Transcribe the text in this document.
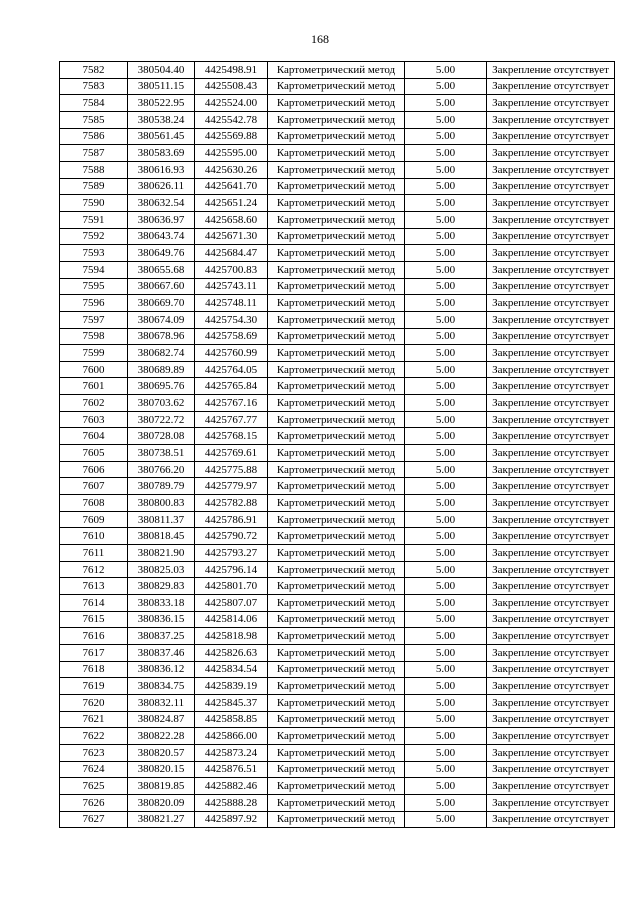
168
7582	380504.40	4425498.91	Картометрический метод	5.00	Закрепление отсутствует
7583	380511.15	4425508.43	Картометрический метод	5.00	Закрепление отсутствует
7584	380522.95	4425524.00	Картометрический метод	5.00	Закрепление отсутствует
7585	380538.24	4425542.78	Картометрический метод	5.00	Закрепление отсутствует
7586	380561.45	4425569.88	Картометрический метод	5.00	Закрепление отсутствует
7587	380583.69	4425595.00	Картометрический метод	5.00	Закрепление отсутствует
7588	380616.93	4425630.26	Картометрический метод	5.00	Закрепление отсутствует
7589	380626.11	4425641.70	Картометрический метод	5.00	Закрепление отсутствует
7590	380632.54	4425651.24	Картометрический метод	5.00	Закрепление отсутствует
7591	380636.97	4425658.60	Картометрический метод	5.00	Закрепление отсутствует
7592	380643.74	4425671.30	Картометрический метод	5.00	Закрепление отсутствует
7593	380649.76	4425684.47	Картометрический метод	5.00	Закрепление отсутствует
7594	380655.68	4425700.83	Картометрический метод	5.00	Закрепление отсутствует
7595	380667.60	4425743.11	Картометрический метод	5.00	Закрепление отсутствует
7596	380669.70	4425748.11	Картометрический метод	5.00	Закрепление отсутствует
7597	380674.09	4425754.30	Картометрический метод	5.00	Закрепление отсутствует
7598	380678.96	4425758.69	Картометрический метод	5.00	Закрепление отсутствует
7599	380682.74	4425760.99	Картометрический метод	5.00	Закрепление отсутствует
7600	380689.89	4425764.05	Картометрический метод	5.00	Закрепление отсутствует
7601	380695.76	4425765.84	Картометрический метод	5.00	Закрепление отсутствует
7602	380703.62	4425767.16	Картометрический метод	5.00	Закрепление отсутствует
7603	380722.72	4425767.77	Картометрический метод	5.00	Закрепление отсутствует
7604	380728.08	4425768.15	Картометрический метод	5.00	Закрепление отсутствует
7605	380738.51	4425769.61	Картометрический метод	5.00	Закрепление отсутствует
7606	380766.20	4425775.88	Картометрический метод	5.00	Закрепление отсутствует
7607	380789.79	4425779.97	Картометрический метод	5.00	Закрепление отсутствует
7608	380800.83	4425782.88	Картометрический метод	5.00	Закрепление отсутствует
7609	380811.37	4425786.91	Картометрический метод	5.00	Закрепление отсутствует
7610	380818.45	4425790.72	Картометрический метод	5.00	Закрепление отсутствует
7611	380821.90	4425793.27	Картометрический метод	5.00	Закрепление отсутствует
7612	380825.03	4425796.14	Картометрический метод	5.00	Закрепление отсутствует
7613	380829.83	4425801.70	Картометрический метод	5.00	Закрепление отсутствует
7614	380833.18	4425807.07	Картометрический метод	5.00	Закрепление отсутствует
7615	380836.15	4425814.06	Картометрический метод	5.00	Закрепление отсутствует
7616	380837.25	4425818.98	Картометрический метод	5.00	Закрепление отсутствует
7617	380837.46	4425826.63	Картометрический метод	5.00	Закрепление отсутствует
7618	380836.12	4425834.54	Картометрический метод	5.00	Закрепление отсутствует
7619	380834.75	4425839.19	Картометрический метод	5.00	Закрепление отсутствует
7620	380832.11	4425845.37	Картометрический метод	5.00	Закрепление отсутствует
7621	380824.87	4425858.85	Картометрический метод	5.00	Закрепление отсутствует
7622	380822.28	4425866.00	Картометрический метод	5.00	Закрепление отсутствует
7623	380820.57	4425873.24	Картометрический метод	5.00	Закрепление отсутствует
7624	380820.15	4425876.51	Картометрический метод	5.00	Закрепление отсутствует
7625	380819.85	4425882.46	Картометрический метод	5.00	Закрепление отсутствует
7626	380820.09	4425888.28	Картометрический метод	5.00	Закрепление отсутствует
7627	380821.27	4425897.92	Картометрический метод	5.00	Закрепление отсутствует
